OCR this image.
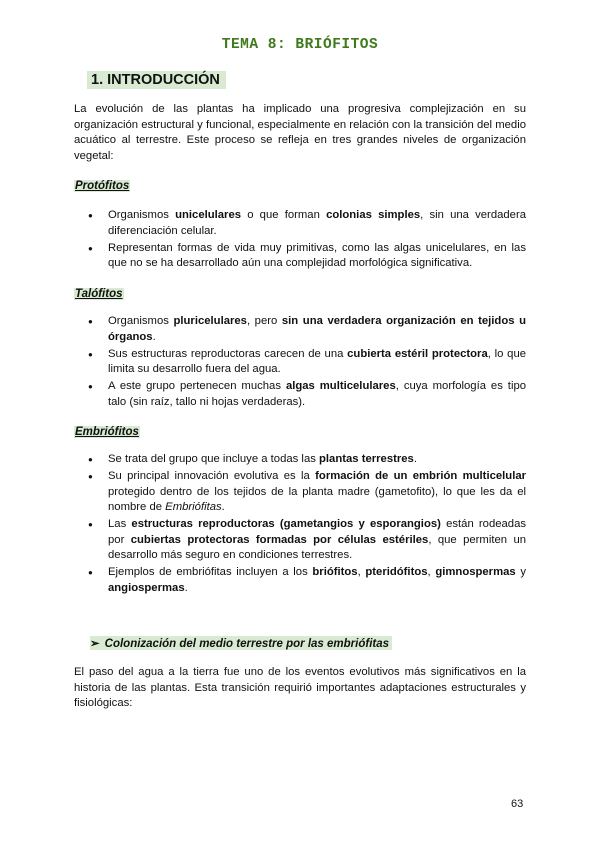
TEMA 8: BRIÓFITOS
1. INTRODUCCIÓN

La evolución de las plantas ha implicado una progresiva complejización en su organización estructural y funcional, especialmente en relación con la transición del medio acuático al terrestre. Este proceso se refleja en tres grandes niveles de organización vegetal:

Protófitos
● Organismos unicelulares o que forman colonias simples, sin una verdadera diferenciación celular.
● Representan formas de vida muy primitivas, como las algas unicelulares, en las que no se ha desarrollado aún una complejidad morfológica significativa.
Talófitos
● Organismos pluricelulares, pero sin una verdadera organización en tejidos u órganos.
● Sus estructuras reproductoras carecen de una cubierta estéril protectora, lo que limita su desarrollo fuera del agua.
● A este grupo pertenecen muchas algas multicelulares, cuya morfología es tipo talo (sin raíz, tallo ni hojas verdaderas).
Embriófitos
● Se trata del grupo que incluye a todas las plantas terrestres.
● Su principal innovación evolutiva es la formación de un embrión multicelular protegido dentro de los tejidos de la planta madre (gametofito), lo que les da el nombre de Embriófitas.
● Las estructuras reproductoras (gametangios y esporangios) están rodeadas por cubiertas protectoras formadas por células estériles, que permiten un desarrollo más seguro en condiciones terrestres.
● Ejemplos de embriófitas incluyen a los briófitos, pteridófitos, gimnospermas y angiospermas.
➢ Colonización del medio terrestre por las embriófitas

El paso del agua a la tierra fue uno de los eventos evolutivos más significativos en la historia de las plantas. Esta transición requirió importantes adaptaciones estructurales y fisiológicas:

63
